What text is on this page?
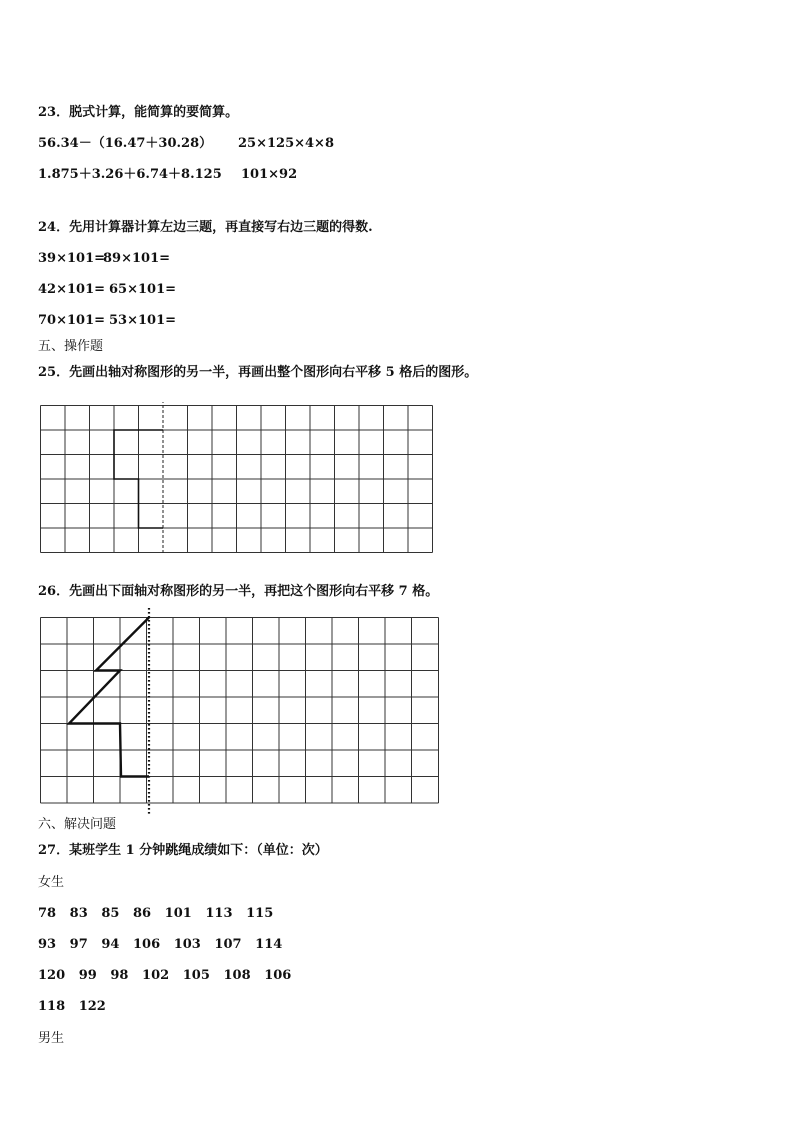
23．脱式计算，能简算的要简算。
56.34－（16.47＋30.28） 25×125×4×8
1.875＋3.26＋6.74＋8.125 101×92
24．先用计算器计算左边三题，再直接写右边三题的得数.
39×101=
89×101=
42×101= 65×101=
70×101= 53×101=
五、操作题
25．先画出轴对称图形的另一半，再画出整个图形向右平移 5 格后的图形。
26．先画出下面轴对称图形的另一半，再把这个图形向右平移 7 格。
六、解决问题
27．某班学生 1 分钟跳绳成绩如下：（单位：次）
女生
78   83   85   86   101   113   115
93   97   94   106   103   107   114
120   99   98   102   105   108   106
118   122
男生
